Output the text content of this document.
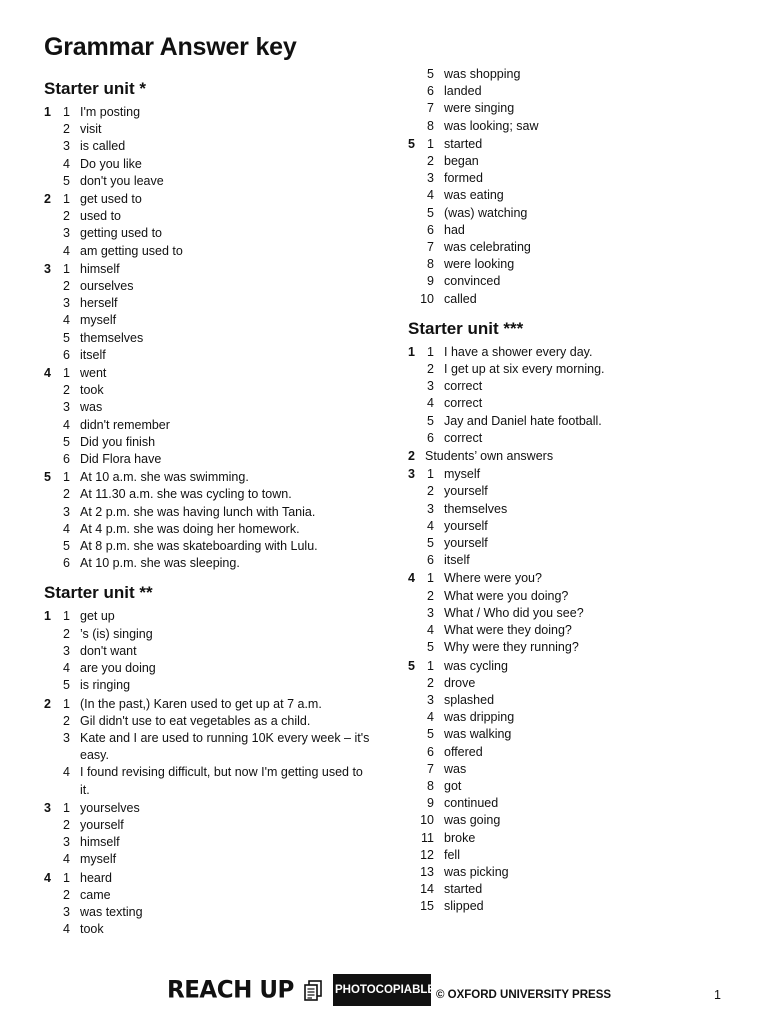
Grammar Answer key
Starter unit *
1 1 I'm posting
2 visit
3 is called
4 Do you like
5 don't you leave
2 1 get used to
2 used to
3 getting used to
4 am getting used to
3 1 himself
2 ourselves
3 herself
4 myself
5 themselves
6 itself
4 1 went
2 took
3 was
4 didn't remember
5 Did you finish
6 Did Flora have
5 1 At 10 a.m. she was swimming.
2 At 11.30 a.m. she was cycling to town.
3 At 2 p.m. she was having lunch with Tania.
4 At 4 p.m. she was doing her homework.
5 At 8 p.m. she was skateboarding with Lulu.
6 At 10 p.m. she was sleeping.
Starter unit **
1 1 get up
2 ’s (is) singing
3 don't want
4 are you doing
5 is ringing
2 1 (In the past,) Karen used to get up at 7 a.m.
2 Gil didn't use to eat vegetables as a child.
3 Kate and I are used to running 10K every week – it's easy.
4 I found revising difficult, but now I'm getting used to it.
3 1 yourselves
2 yourself
3 himself
4 myself
4 1 heard
2 came
3 was texting
4 took
5 was shopping
6 landed
7 were singing
8 was looking; saw
5 1 started
2 began
3 formed
4 was eating
5 (was) watching
6 had
7 was celebrating
8 were looking
9 convinced
10 called
Starter unit ***
1 1 I have a shower every day.
2 I get up at six every morning.
3 correct
4 correct
5 Jay and Daniel hate football.
6 correct
2 Students’ own answers
3 1 myself
2 yourself
3 themselves
4 yourself
5 yourself
6 itself
4 1 Where were you?
2 What were you doing?
3 What / Who did you see?
4 What were they doing?
5 Why were they running?
5 1 was cycling
2 drove
3 splashed
4 was dripping
5 was walking
6 offered
7 was
8 got
9 continued
10 was going
11 broke
12 fell
13 was picking
14 started
15 slipped
REACH UP	PHOTOCOPIABLE © OXFORD UNIVERSITY PRESS	1
